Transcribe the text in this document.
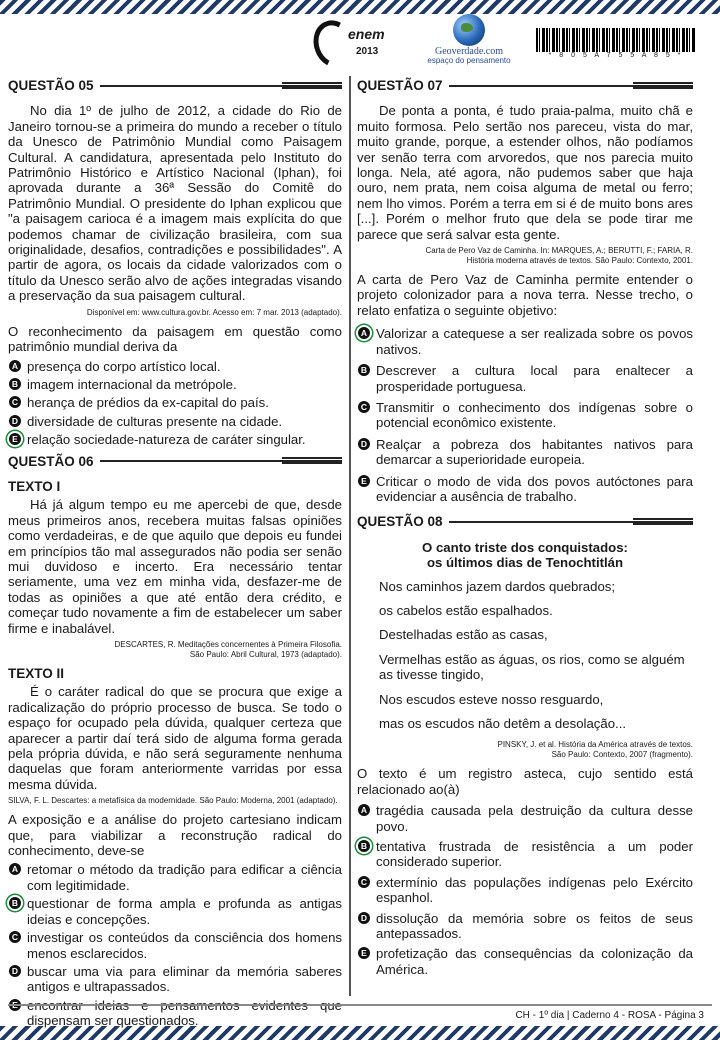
enem
2013	Geoverdade.com
espaço do pensamento
* 8 0 5 A 7 5 5 A 8 5 *
QUESTÃO 05

No dia 1º de julho de 2012, a cidade do Rio de Janeiro tornou-se a primeira do mundo a receber o título da Unesco de Patrimônio Mundial como Paisagem Cultural. A candidatura, apresentada pelo Instituto do Patrimônio Histórico e Artístico Nacional (Iphan), foi aprovada durante a 36ª Sessão do Comitê do Patrimônio Mundial. O presidente do Iphan explicou que "a paisagem carioca é a imagem mais explícita do que podemos chamar de civilização brasileira, com sua originalidade, desafios, contradições e possibilidades". A partir de agora, os locais da cidade valorizados com o título da Unesco serão alvo de ações integradas visando a preservação da sua paisagem cultural.

Disponível em: www.cultura.gov.br. Acesso em: 7 mar. 2013 (adaptado).

O reconhecimento da paisagem em questão como patrimônio mundial deriva da

A presença do corpo artístico local.
B imagem internacional da metrópole.
C herança de prédios da ex-capital do país.
D diversidade de culturas presente na cidade.
E relação sociedade-natureza de caráter singular.
QUESTÃO 06
TEXTO I

Há já algum tempo eu me apercebi de que, desde meus primeiros anos, recebera muitas falsas opiniões como verdadeiras, e de que aquilo que depois eu fundei em princípios tão mal assegurados não podia ser senão mui duvidoso e incerto. Era necessário tentar seriamente, uma vez em minha vida, desfazer-me de todas as opiniões a que até então dera crédito, e começar tudo novamente a fim de estabelecer um saber firme e inabalável.

DESCARTES, R. Meditações concernentes à Primeira Filosofia.
São Paulo: Abril Cultural, 1973 (adaptado).
TEXTO II

É o caráter radical do que se procura que exige a radicalização do próprio processo de busca. Se todo o espaço for ocupado pela dúvida, qualquer certeza que aparecer a partir daí terá sido de alguma forma gerada pela própria dúvida, e não será seguramente nenhuma daquelas que foram anteriormente varridas por essa mesma dúvida.

SILVA, F. L. Descartes: a metafísica da modernidade. São Paulo: Moderna, 2001 (adaptado).

A exposição e a análise do projeto cartesiano indicam que, para viabilizar a reconstrução radical do conhecimento, deve-se

A retomar o método da tradição para edificar a ciência com legitimidade.
B questionar de forma ampla e profunda as antigas ideias e concepções.
C investigar os conteúdos da consciência dos homens menos esclarecidos.
D buscar uma via para eliminar da memória saberes antigos e ultrapassados.
dispensam ser questionados.
QUESTÃO 07

De ponta a ponta, é tudo praia-palma, muito chã e muito formosa. Pelo sertão nos pareceu, vista do mar, muito grande, porque, a estender olhos, não podíamos ver senão terra com arvoredos, que nos parecia muito longa. Nela, até agora, não pudemos saber que haja ouro, nem prata, nem coisa alguma de metal ou ferro; nem lho vimos. Porém a terra em si é de muito bons ares [...]. Porém o melhor fruto que dela se pode tirar me parece que será salvar esta gente.

Carta de Pero Vaz de Caminha. In: MARQUES, A.; BERUTTI, F.; FARIA, R.
História moderna através de textos. São Paulo: Contexto, 2001.

A carta de Pero Vaz de Caminha permite entender o projeto colonizador para a nova terra. Nesse trecho, o relato enfatiza o seguinte objetivo:

A Valorizar a catequese a ser realizada sobre os povos nativos.
B Descrever a cultura local para enaltecer a prosperidade portuguesa.
C Transmitir o conhecimento dos indígenas sobre o potencial econômico existente.
D Realçar a pobreza dos habitantes nativos para demarcar a superioridade europeia.
E Criticar o modo de vida dos povos autóctones para evidenciar a ausência de trabalho.
QUESTÃO 08
O canto triste dos conquistados:
os últimos dias de Tenochtitlán

Nos caminhos jazem dardos quebrados;

os cabelos estão espalhados.

Destelhadas estão as casas,

Vermelhas estão as águas, os rios, como se alguém as tivesse tingido,

Nos escudos esteve nosso resguardo,

mas os escudos não detêm a desolação...

PINSKY, J. et al. História da América através de textos.
São Paulo: Contexto, 2007 (fragmento).

O texto é um registro asteca, cujo sentido está relacionado ao(à)

A tragédia causada pela destruição da cultura desse povo.
B tentativa frustrada de resistência a um poder considerado superior.
C extermínio das populações indígenas pelo Exército espanhol.
D dissolução da memória sobre os feitos de seus antepassados.
E profetização das consequências da colonização da América.
CH - 1º dia | Caderno 4 - ROSA - Página 3
